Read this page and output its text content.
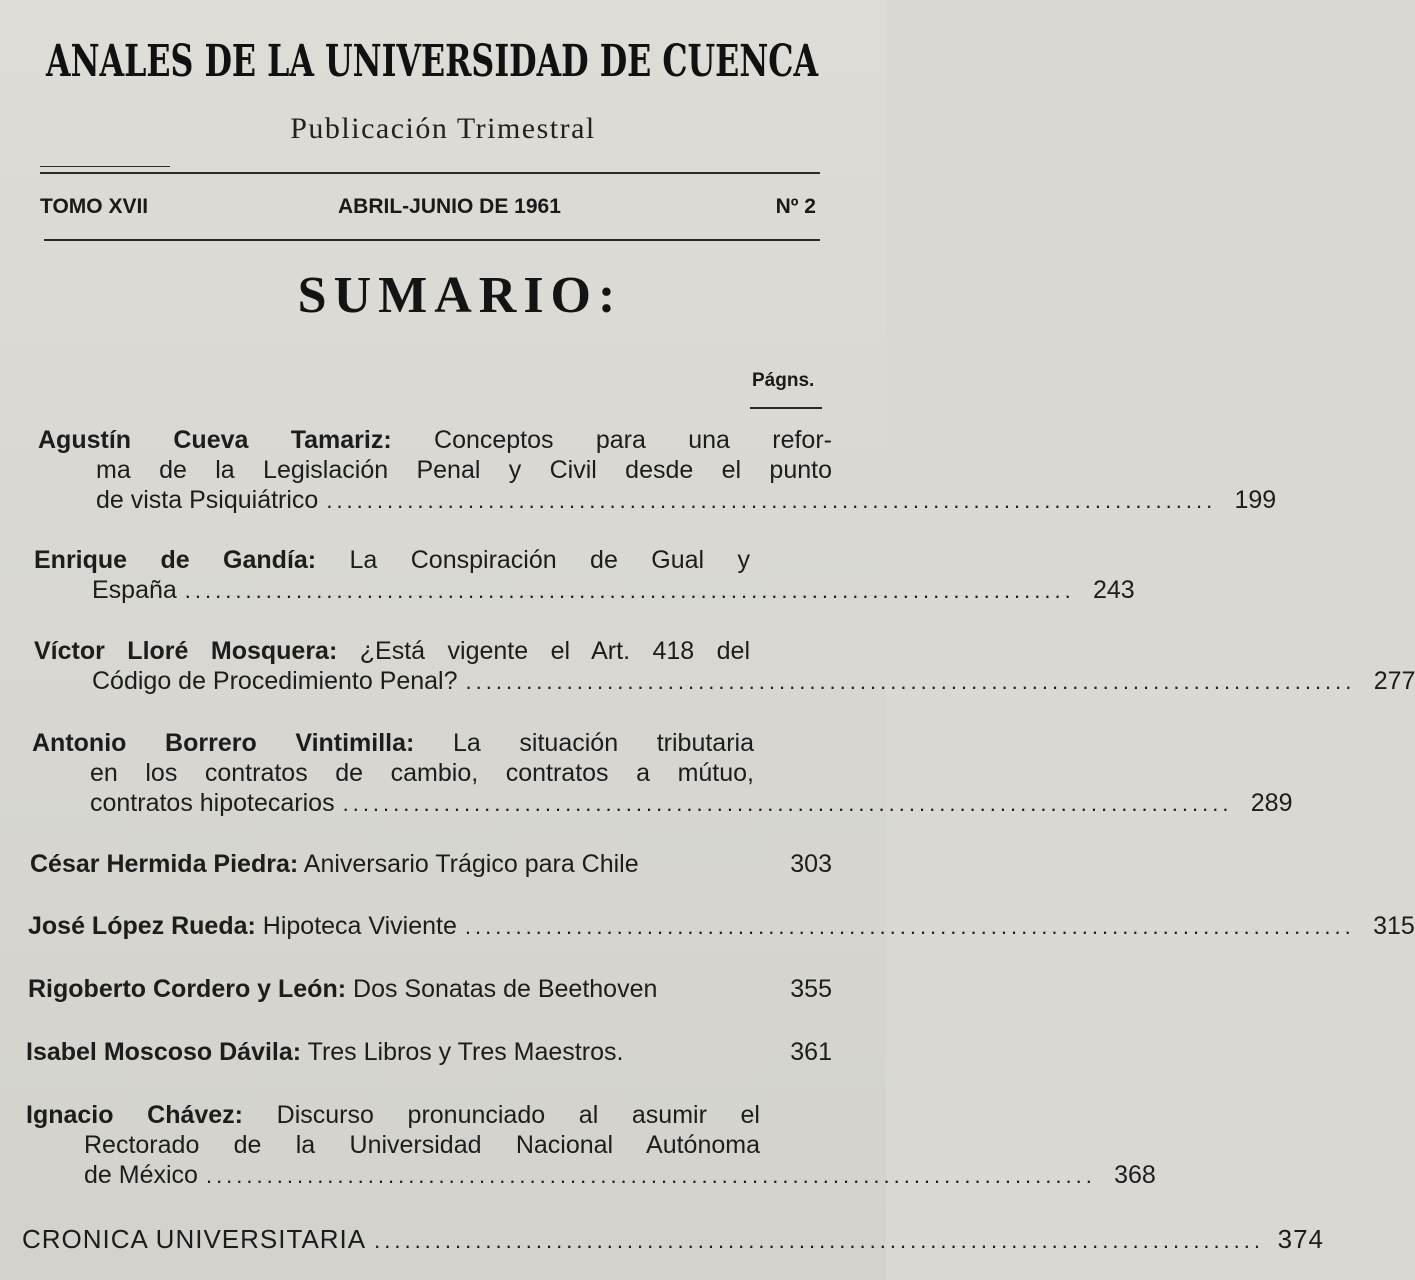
ANALES DE LA UNIVERSIDAD DE CUENCA
Publicación Trimestral
TOMO XVII	ABRIL-JUNIO DE 1961	Nº 2
SUMARIO:
Págns.
Agustín Cueva Tamariz: Conceptos para una refor-
ma de la Legislación Penal y Civil desde el punto
de vista Psiquiátrico ........................................................................................ 199
Enrique de Gandía: La Conspiración de Gual y
España ........................................................................................ 243
Víctor Lloré Mosquera: ¿Está vigente el Art. 418 del
Código de Procedimiento Penal? ........................................................................................ 277
Antonio Borrero Vintimilla: La situación tributaria
en los contratos de cambio, contratos a mútuo,
contratos hipotecarios ........................................................................................ 289
César Hermida Piedra: Aniversario Trágico para Chile	303
José López Rueda: Hipoteca Viviente ........................................................................................ 315
Rigoberto Cordero y León: Dos Sonatas de Beethoven	355
Isabel Moscoso Dávila: Tres Libros y Tres Maestros.	361
Ignacio Chávez: Discurso pronunciado al asumir el
Rectorado de la Universidad Nacional Autónoma
de México ........................................................................................ 368
CRONICA UNIVERSITARIA ........................................................................................ 374
